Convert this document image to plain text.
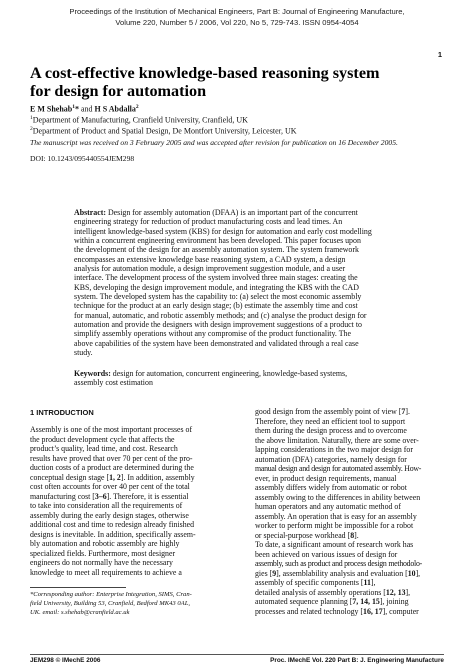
Proceedings of the Institution of Mechanical Engineers, Part B: Journal of Engineering Manufacture,
Volume 220, Number 5 / 2006, Vol 220, No 5, 729-743. ISSN 0954-4054
1
A cost-effective knowledge-based reasoning system
for design for automation
E M Shehab$^1$* and H S Abdalla$^2$
$^1$Department of Manufacturing, Cranfield University, Cranfield, UK
$^2$Department of Product and Spatial Design, De Montfort University, Leicester, UK
The manuscript was received on 3 February 2005 and was accepted after revision for publication on 16 December 2005.
DOI: 10.1243/095440554JEM298
Abstract: Design for assembly automation (DFAA) is an important part of the concurrent
engineering strategy for reduction of product manufacturing costs and lead times. An
intelligent knowledge-based system (KBS) for design for automation and early cost modelling
within a concurrent engineering environment has been developed. This paper focuses upon
the development of the design for an assembly automation system. The system framework
encompasses an extensive knowledge base reasoning system, a CAD system, a design
analysis for automation module, a design improvement suggestion module, and a user
interface. The development process of the system involved three main stages: creating the
KBS, developing the design improvement module, and integrating the KBS with the CAD
system. The developed system has the capability to: (a) select the most economic assembly
technique for the product at an early design stage; (b) estimate the assembly time and cost
for manual, automatic, and robotic assembly methods; and (c) analyse the product design for
automation and provide the designers with design improvement suggestions of a product to
simplify assembly operations without any compromise of the product functionality. The
above capabilities of the system have been demonstrated and validated through a real case
study.
Keywords: design for automation, concurrent engineering, knowledge-based systems,
assembly cost estimation
1 INTRODUCTION
Assembly is one of the most important processes of
the product development cycle that affects the
product’s quality, lead time, and cost. Research
results have proved that over 70 per cent of the pro-
duction costs of a product are determined during the
conceptual design stage [1, 2]. In addition, assembly
cost often accounts for over 40 per cent of the total
manufacturing cost [3–6]. Therefore, it is essential
to take into consideration all the requirements of
assembly during the early design stages, otherwise
additional cost and time to redesign already finished
designs is inevitable. In addition, specifically assem-
bly automation and robotic assembly are highly
specialized fields. Furthermore, most designer
engineers do not normally have the necessary
knowledge to meet all requirements to achieve a
good design from the assembly point of view [7].
Therefore, they need an efficient tool to support
them during the design process and to overcome
the above limitation. Naturally, there are some over-
lapping considerations in the two major design for
automation (DFA) categories, namely design for
manual design and design for automated assembly. How-
ever, in product design requirements, manual
assembly differs widely from automatic or robot
assembly owing to the differences in ability between
human operators and any automatic method of
assembly. An operation that is easy for an assembly
worker to perform might be impossible for a robot
or special-purpose workhead [8].
To date, a significant amount of research work has
been achieved on various issues of design for
assembly, such as product and process design methodolo-
gies [9], assemblability analysis and evaluation [10],
assembly of specific components [11],
detailed analysis of assembly operations [12, 13],
automated sequence planning [7, 14, 15], joining
processes and related technology [16, 17], computer
*Corresponding author: Enterprise Integration, SIMS, Cran-
field University, Building 53, Cranfield, Bedford MK43 0AL,
UK. email: s.shehab@cranfield.ac.uk
JEM298 © IMechE 2006	Proc. IMechE Vol. 220 Part B: J. Engineering Manufacture
